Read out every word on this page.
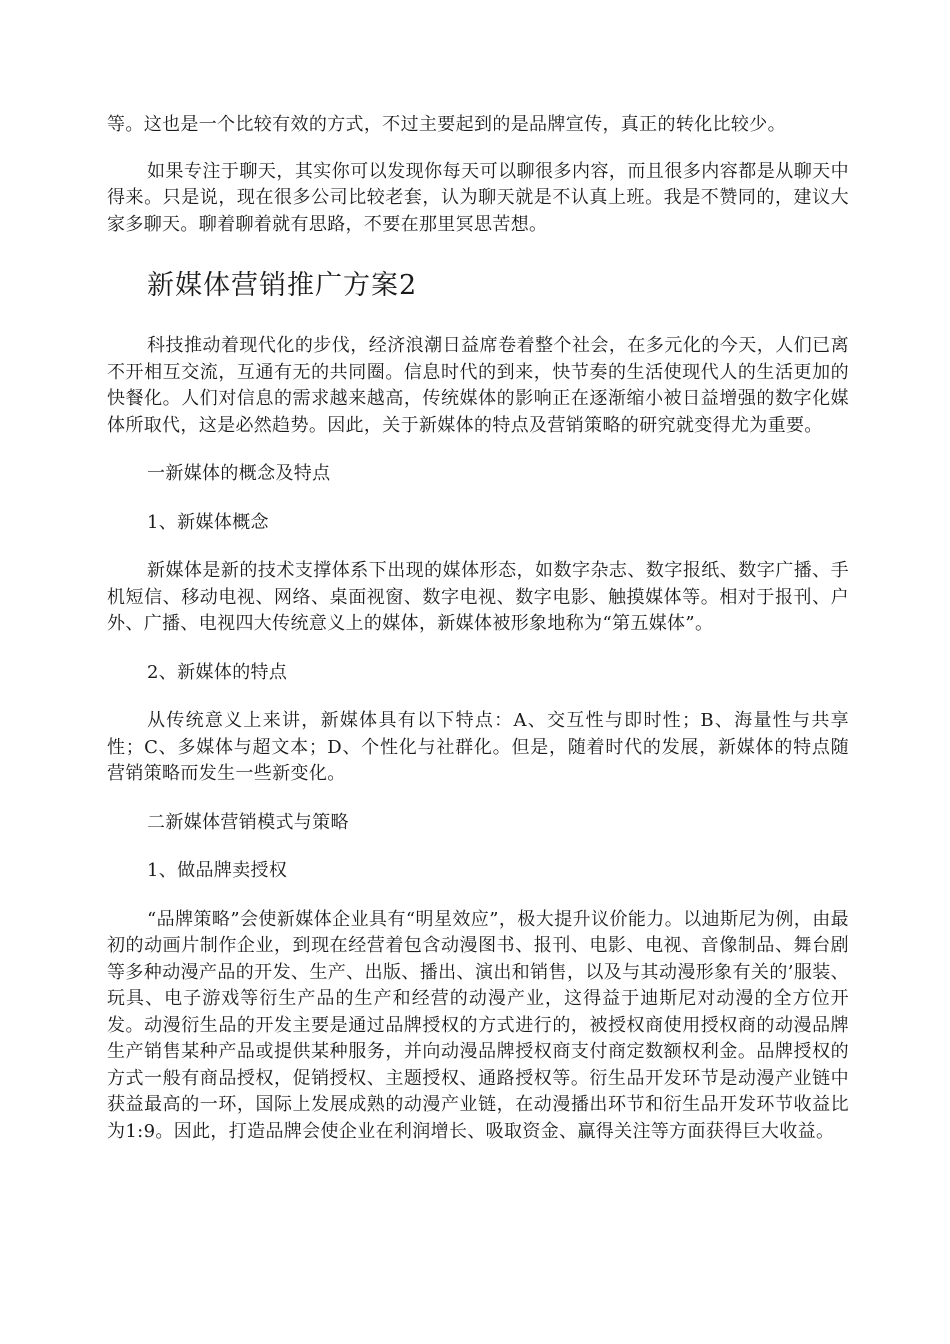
等。这也是一个比较有效的方式，不过主要起到的是品牌宣传，真正的转化比较少。

如果专注于聊天，其实你可以发现你每天可以聊很多内容，而且很多内容都是从聊天中得来。只是说，现在很多公司比较老套，认为聊天就是不认真上班。我是不赞同的，建议大家多聊天。聊着聊着就有思路，不要在那里冥思苦想。

新媒体营销推广方案2

科技推动着现代化的步伐，经济浪潮日益席卷着整个社会，在多元化的今天，人们已离不开相互交流，互通有无的共同圈。信息时代的到来，快节奏的生活使现代人的生活更加的快餐化。人们对信息的需求越来越高，传统媒体的影响正在逐渐缩小被日益增强的数字化媒体所取代，这是必然趋势。因此，关于新媒体的特点及营销策略的研究就变得尤为重要。

一新媒体的概念及特点

1、新媒体概念

新媒体是新的技术支撑体系下出现的媒体形态，如数字杂志、数字报纸、数字广播、手机短信、移动电视、网络、桌面视窗、数字电视、数字电影、触摸媒体等。相对于报刊、户外、广播、电视四大传统意义上的媒体，新媒体被形象地称为“第五媒体”。

2、新媒体的特点

从传统意义上来讲，新媒体具有以下特点：A、交互性与即时性；B、海量性与共享性；C、多媒体与超文本；D、个性化与社群化。但是，随着时代的发展，新媒体的特点随营销策略而发生一些新变化。

二新媒体营销模式与策略

1、做品牌卖授权

“品牌策略”会使新媒体企业具有“明星效应”，极大提升议价能力。以迪斯尼为例，由最初的动画片制作企业，到现在经营着包含动漫图书、报刊、电影、电视、音像制品、舞台剧等多种动漫产品的开发、生产、出版、播出、演出和销售，以及与其动漫形象有关的’服装、玩具、电子游戏等衍生产品的生产和经营的动漫产业，这得益于迪斯尼对动漫的全方位开发。动漫衍生品的开发主要是通过品牌授权的方式进行的，被授权商使用授权商的动漫品牌生产销售某种产品或提供某种服务，并向动漫品牌授权商支付商定数额权利金。品牌授权的方式一般有商品授权，促销授权、主题授权、通路授权等。衍生品开发环节是动漫产业链中获益最高的一环，国际上发展成熟的动漫产业链，在动漫播出环节和衍生品开发环节收益比为1:9。因此，打造品牌会使企业在利润增长、吸取资金、赢得关注等方面获得巨大收益。
